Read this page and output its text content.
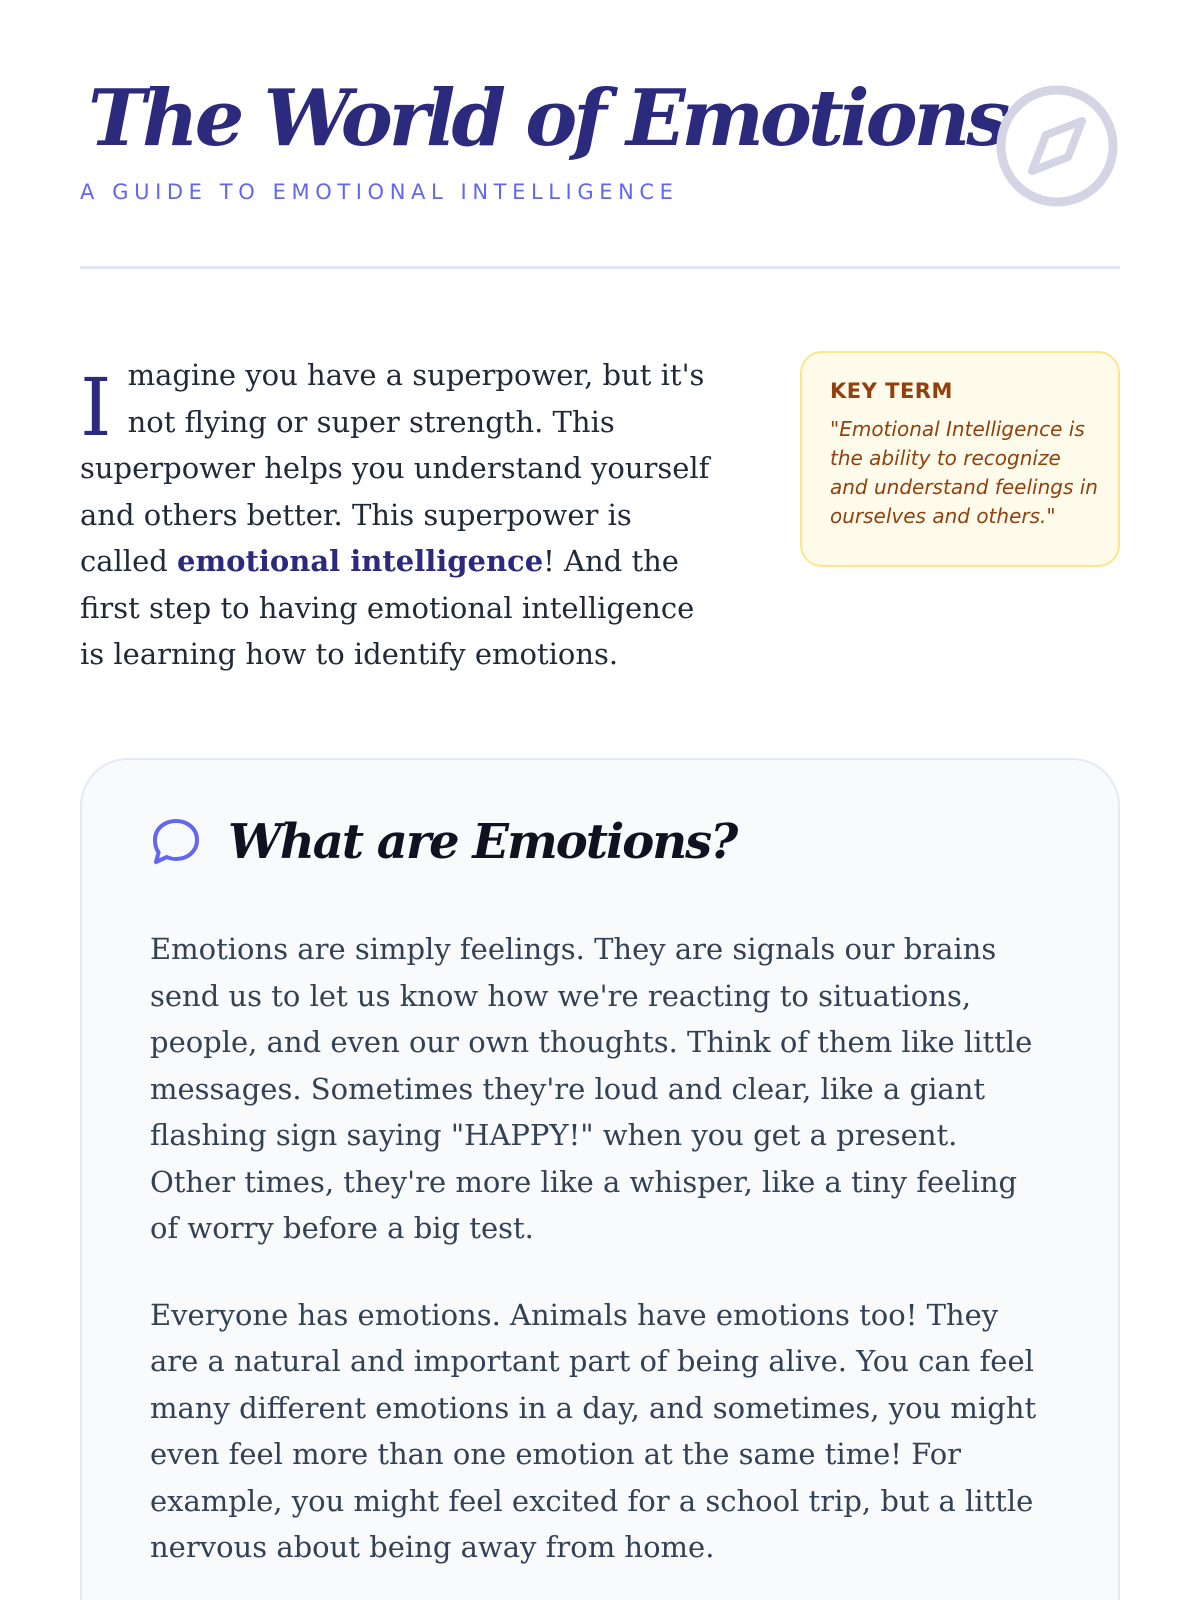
The World of Emotions
A GUIDE TO EMOTIONAL INTELLIGENCE

Imagine you have a superpower, but it's not flying or super strength. This superpower helps you understand yourself and others better. This superpower is called emotional intelligence! And the first step to having emotional intelligence is learning how to identify emotions.

KEY TERM

"Emotional Intelligence is the ability to recognize and understand feelings in ourselves and others."

What are Emotions?

Emotions are simply feelings. They are signals our brains send us to let us know how we're reacting to situations, people, and even our own thoughts. Think of them like little messages. Sometimes they're loud and clear, like a giant flashing sign saying "HAPPY!" when you get a present. Other times, they're more like a whisper, like a tiny feeling of worry before a big test.

Everyone has emotions. Animals have emotions too! They are a natural and important part of being alive. You can feel many different emotions in a day, and sometimes, you might even feel more than one emotion at the same time! For example, you might feel excited for a school trip, but a little nervous about being away from home.
